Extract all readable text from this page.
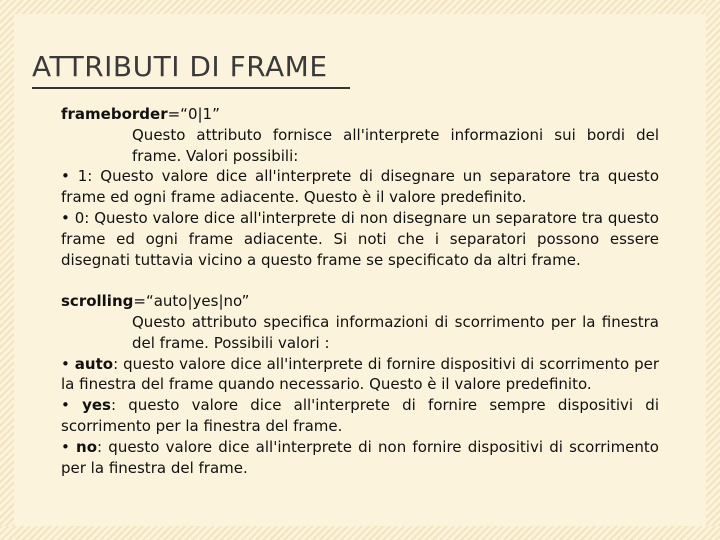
ATTRIBUTI DI FRAME

frameborder=“0|1”

Questo attributo fornisce all'interprete informazioni sui bordi del frame. Valori possibili:

• 1: Questo valore dice all'interprete di disegnare un separatore tra questo frame ed ogni frame adiacente. Questo è il valore predefinito.

• 0: Questo valore dice all'interprete di non disegnare un separatore tra questo frame ed ogni frame adiacente. Si noti che i separatori possono essere disegnati tuttavia vicino a questo frame se specificato da altri frame.

scrolling=“auto|yes|no”

Questo attributo specifica informazioni di scorrimento per la finestra del frame. Possibili valori :

• auto: questo valore dice all'interprete di fornire dispositivi di scorrimento per la finestra del frame quando necessario. Questo è il valore predefinito.

• yes: questo valore dice all'interprete di fornire sempre dispositivi di scorrimento per la finestra del frame.

• no: questo valore dice all'interprete di non fornire dispositivi di scorrimento per la finestra del frame.
